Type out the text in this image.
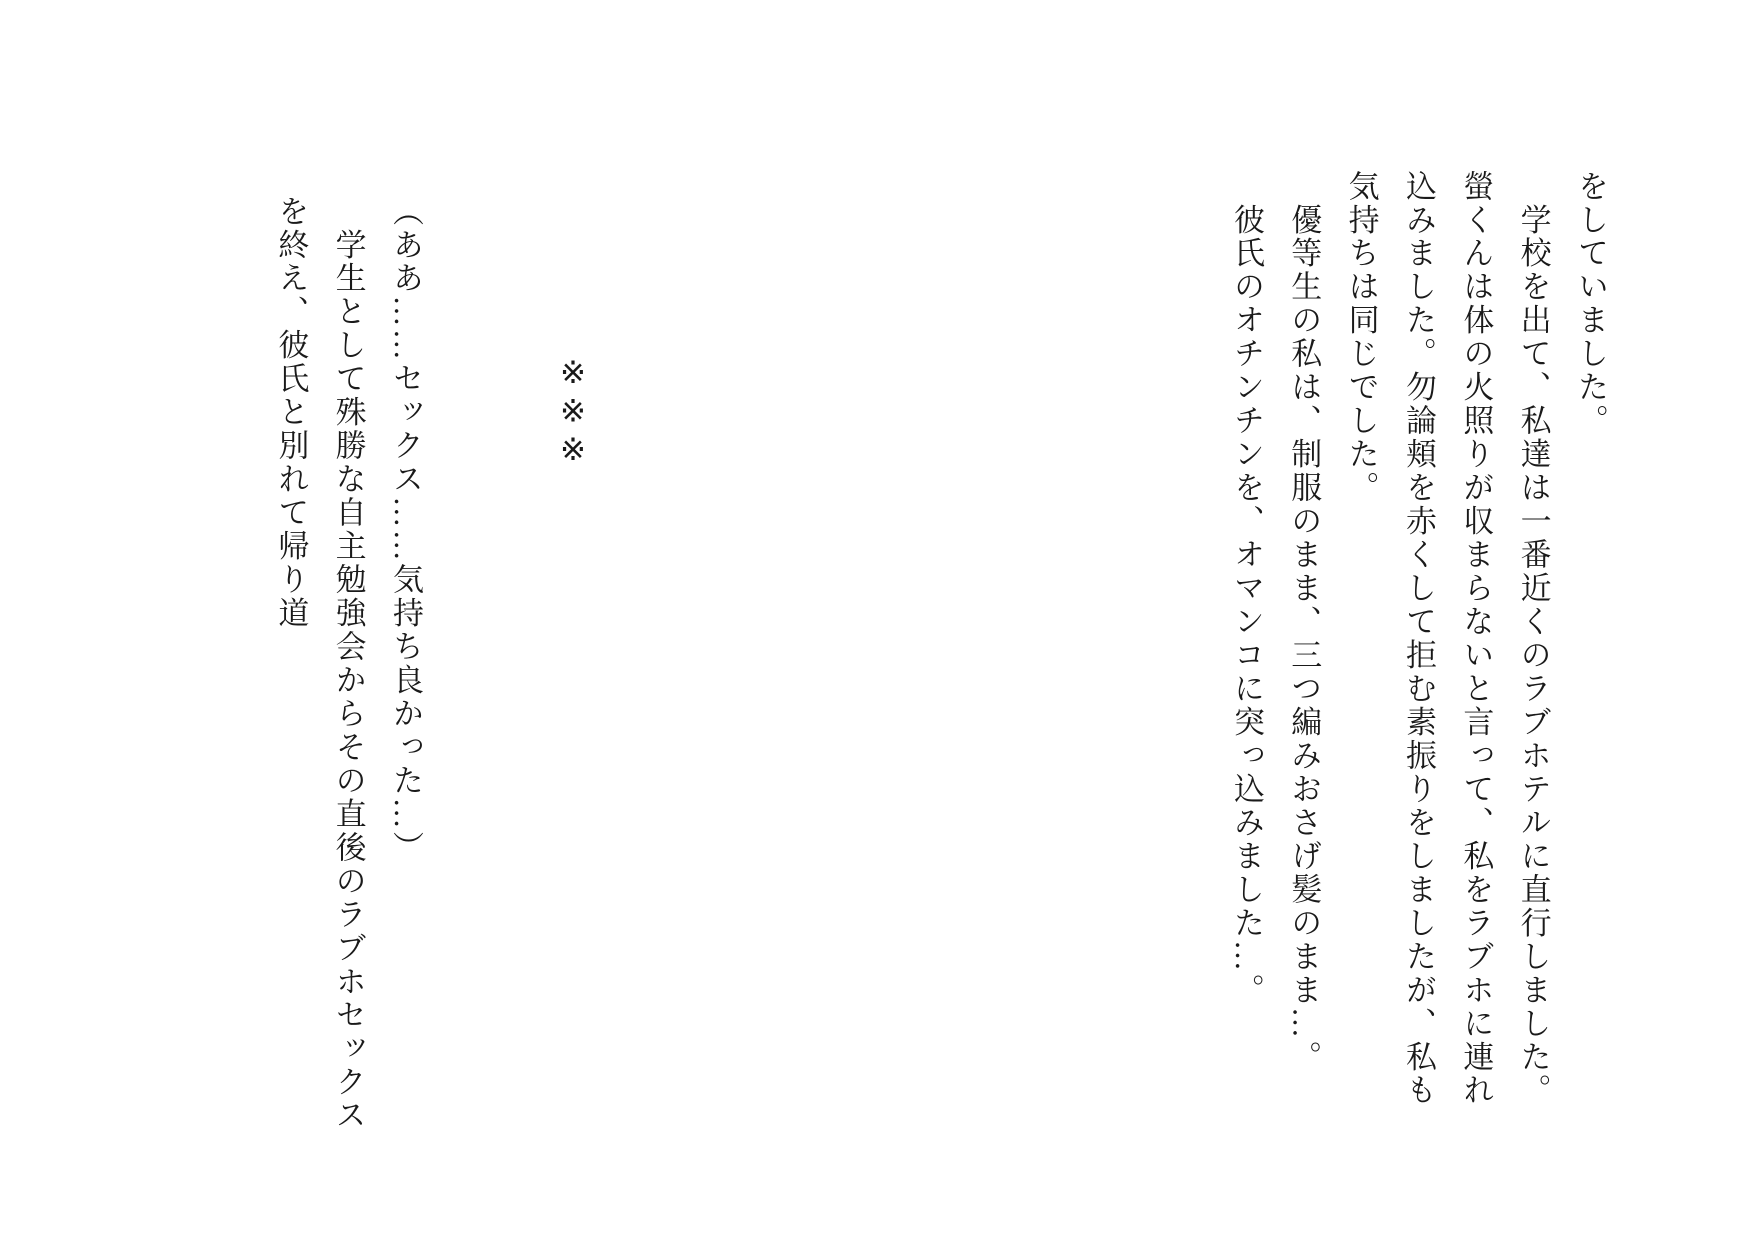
をしていました。

　学校を出て、私達は一番近くのラブホテルに直行しました。螢くんは体の火照りが収まらないと言って、私をラブホに連れ込みました。勿論頬を赤くして拒む素振りをしましたが、私も気持ちは同じでした。

　優等生の私は、制服のまま、三つ編みおさげ髪のまま…。

　彼氏のオチンチンを、オマンコに突っ込みました…。

※※※

（ああ……セックス……気持ち良かった…）

　学生として殊勝な自主勉強会からその直後のラブホセックスを終え、彼氏と別れて帰り道
